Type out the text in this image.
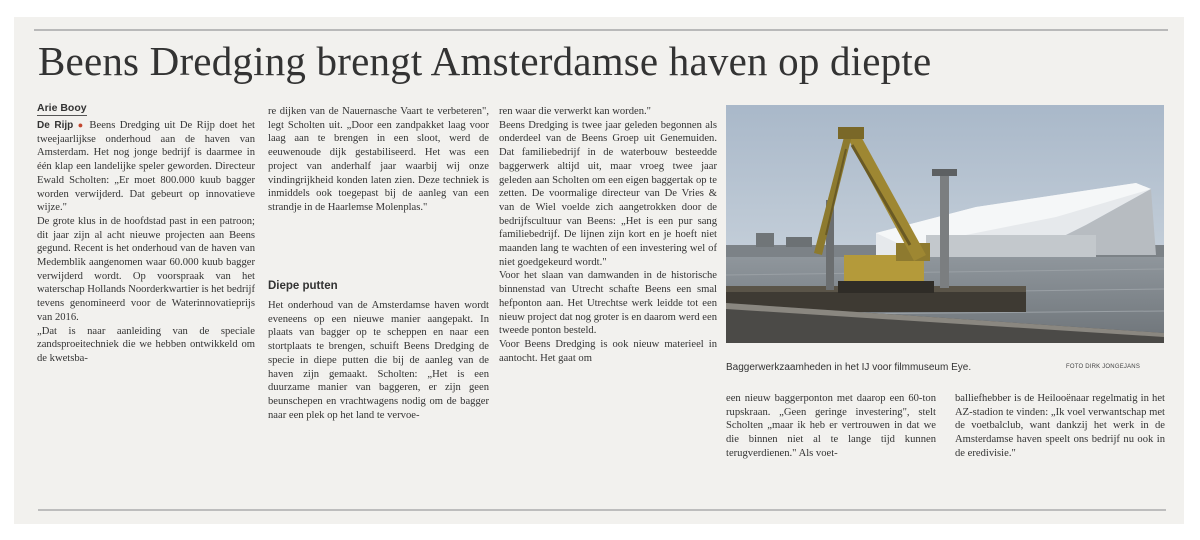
Beens Dredging brengt Amsterdamse haven op diepte
Arie Booy
De Rijp ● Beens Dredging uit De Rijp doet het tweejaarlijkse onderhoud aan de haven van Amsterdam. Het nog jonge bedrijf is daarmee in één klap een landelijke speler geworden. Directeur Ewald Scholten: „Er moet 800.000 kuub bagger worden verwijderd. Dat gebeurt op innovatieve wijze."
De grote klus in de hoofdstad past in een patroon; dit jaar zijn al acht nieuwe projecten aan Beens gegund. Recent is het onderhoud van de haven van Medemblik aangenomen waar 60.000 kuub bagger verwijderd wordt. Op voorspraak van het waterschap Hollands Noorderkwartier is het bedrijf tevens genomineerd voor de Waterinnovatieprijs van 2016.
„Dat is naar aanleiding van de speciale zandsproeitechniek die we hebben ontwikkeld om de kwetsba-
re dijken van de Nauernasche Vaart te verbeteren", legt Scholten uit. „Door een zandpakket laag voor laag aan te brengen in een sloot, werd de eeuwenoude dijk gestabiliseerd. Het was een project van anderhalf jaar waarbij wij onze vindingrijkheid konden laten zien. Deze techniek is inmiddels ook toegepast bij de aanleg van een strandje in de Haarlemse Molenplas."
Diepe putten
Het onderhoud van de Amsterdamse haven wordt eveneens op een nieuwe manier aangepakt. In plaats van bagger op te scheppen en naar een stortplaats te brengen, schuift Beens Dredging de specie in diepe putten die bij de aanleg van de haven zijn gemaakt. Scholten: „Het is een duurzame manier van baggeren, er zijn geen beunschepen en vrachtwagens nodig om de bagger naar een plek op het land te vervoe-
ren waar die verwerkt kan worden."
Beens Dredging is twee jaar geleden begonnen als onderdeel van de Beens Groep uit Genemuiden. Dat familiebedrijf in de waterbouw besteedde baggerwerk altijd uit, maar vroeg twee jaar geleden aan Scholten om een eigen baggertak op te zetten. De voormalige directeur van De Vries & van de Wiel voelde zich aangetrokken door de bedrijfscultuur van Beens: „Het is een pur sang familiebedrijf. De lijnen zijn kort en je hoeft niet maanden lang te wachten of een investering wel of niet goedgekeurd wordt."
Voor het slaan van damwanden in de historische binnenstad van Utrecht schafte Beens een smal hefponton aan. Het Utrechtse werk leidde tot een nieuw project dat nog groter is en daarom werd een tweede ponton besteld.
Voor Beens Dredging is ook nieuw materieel in aantocht. Het gaat om
Baggerwerkzaamheden in het IJ voor filmmuseum Eye.	FOTO DIRK JONGEJANS
een nieuw baggerponton met daarop een 60-ton rupskraan. „Geen geringe investering", stelt Scholten „maar ik heb er vertrouwen in dat we die binnen niet al te lange tijd kunnen terugverdienen." Als voet-
balliefhebber is de Heilooënaar regelmatig in het AZ-stadion te vinden: „Ik voel verwantschap met de voetbalclub, want dankzij het werk in de Amsterdamse haven speelt ons bedrijf nu ook in de eredivisie."
